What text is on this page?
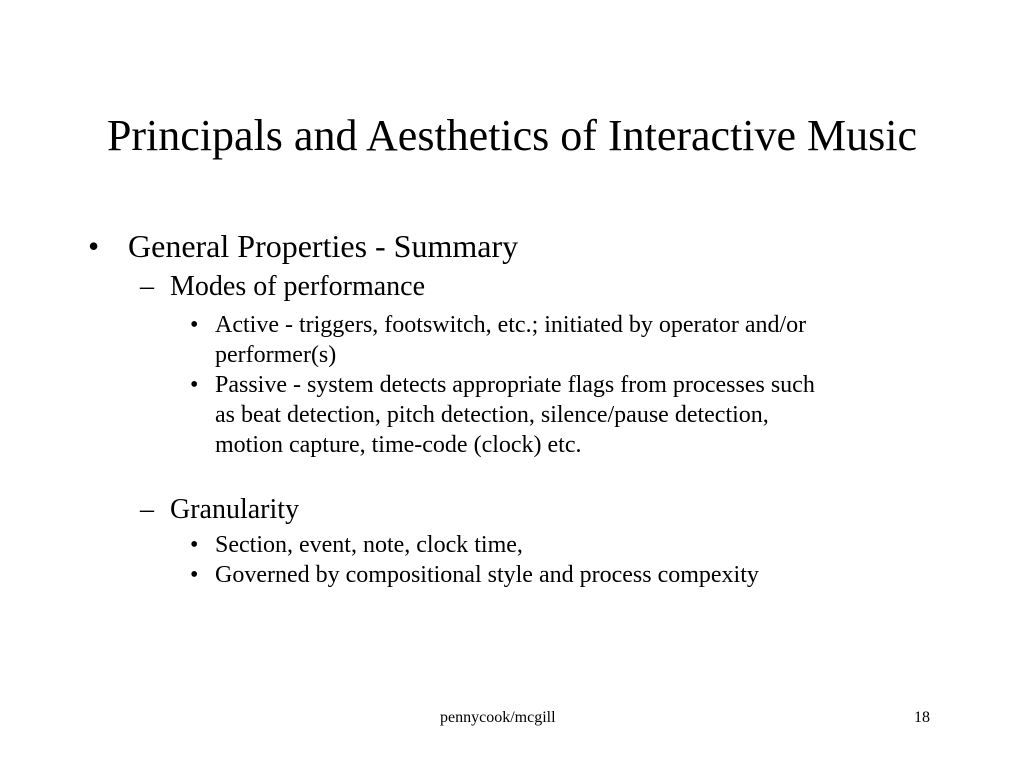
Principals and Aesthetics of Interactive Music
• General Properties - Summary
– Modes of performance
• Active - triggers, footswitch, etc.; initiated by operator and/or
performer(s)
• Passive - system detects appropriate flags from processes such
as beat detection, pitch detection, silence/pause detection,
motion capture, time-code (clock) etc.
– Granularity
• Section, event, note, clock time,
• Governed by compositional style and process compexity
pennycook/mcgill	18
